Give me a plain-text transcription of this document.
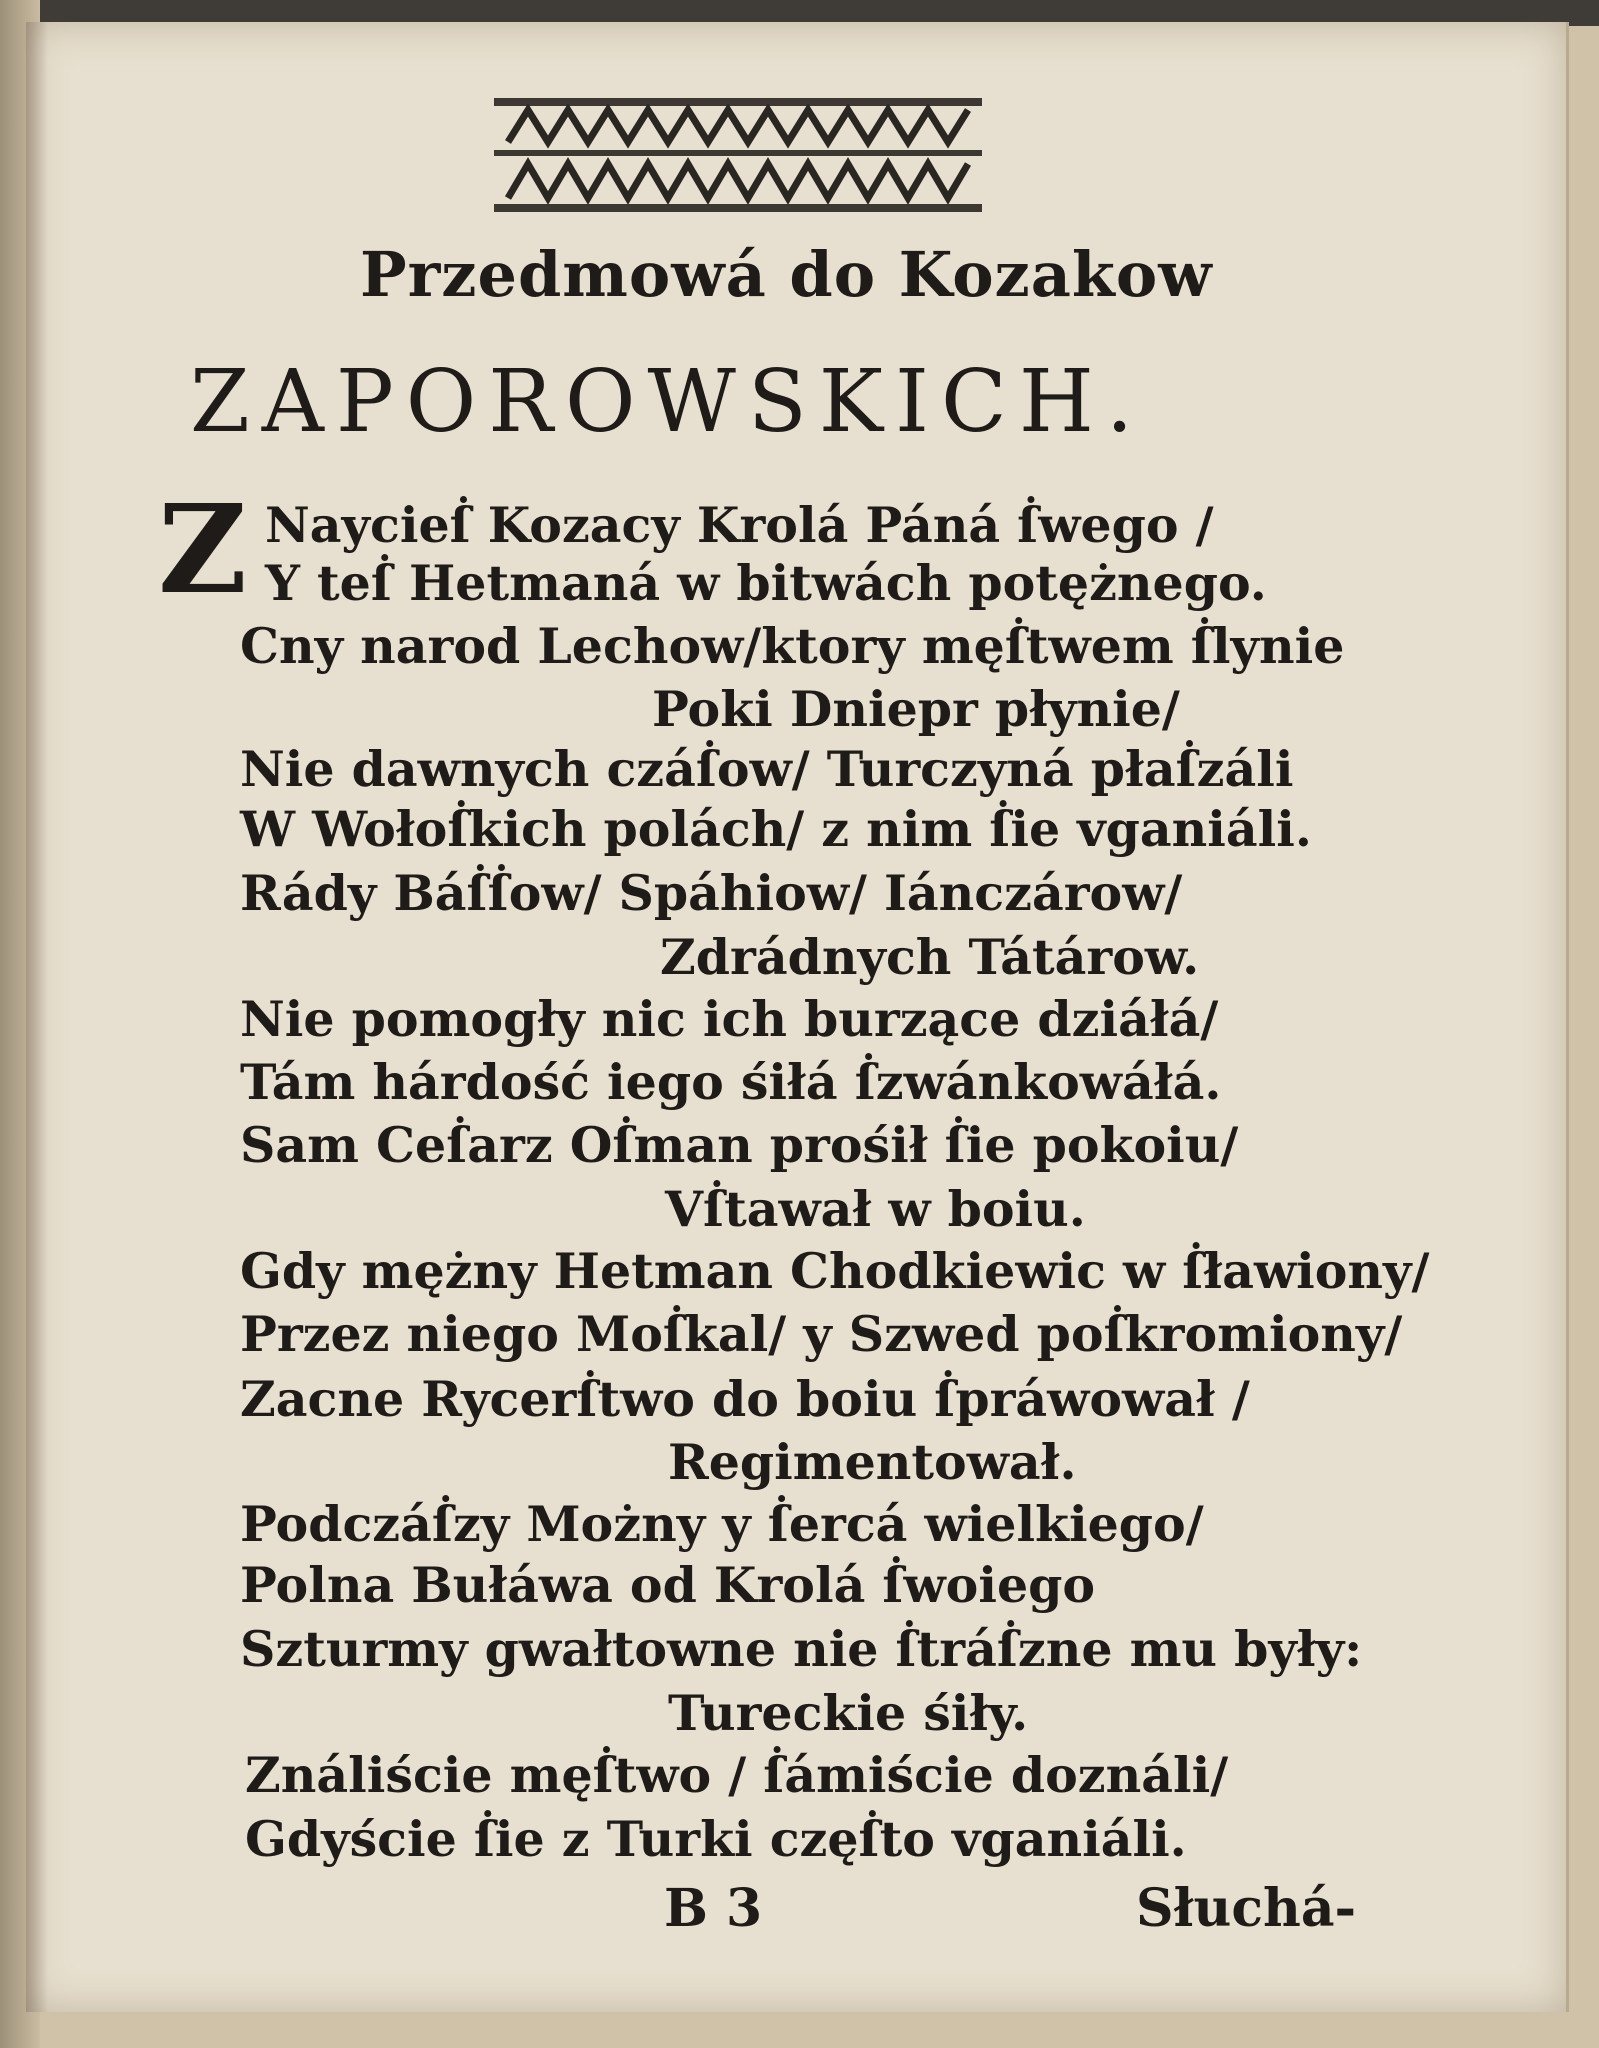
Przedmowá do Kozakow
ZAPOROWSKICH.
Z Naycieẛ Kozacy Krolá Páná ẛwego /
Y teẛ Hetmaná w bitwách potężnego.
Cny narod Lechow/ktory męẛtwem ẛlynie
Poki Dniepr płynie/
Nie dawnych czáẛow/ Turczyná płaẛzáli
W Wołoẛkich polách/ z nim ẛie vganiáli.
Rády Báẛẛow/ Spáhiow/ Iánczárow/
Zdrádnych Tátárow.
Nie pomogły nic ich burzące dziáłá/
Tám hárdość iego śiłá ẛzwánkowáłá.
Sam Ceẛarz Oẛman prośił ẛie pokoiu/
Vẛtawał w boiu.
Gdy mężny Hetman Chodkiewic w ẛławiony/
Przez niego Moẛkal/ y Szwed poẛkromiony/
Zacne Rycerẛtwo do boiu ẛpráwował /
Regimentował.
Podczáẛzy Możny y ẛercá wielkiego/
Polna Bułáwa od Krolá ẛwoiego
Szturmy gwałtowne nie ẛtráẛzne mu były:
Tureckie śiły.
Ználiście męẛtwo / ẛámiście doználi/
Gdyście ẛie z Turki częẛto vganiáli.
B 3	Słuchá-
